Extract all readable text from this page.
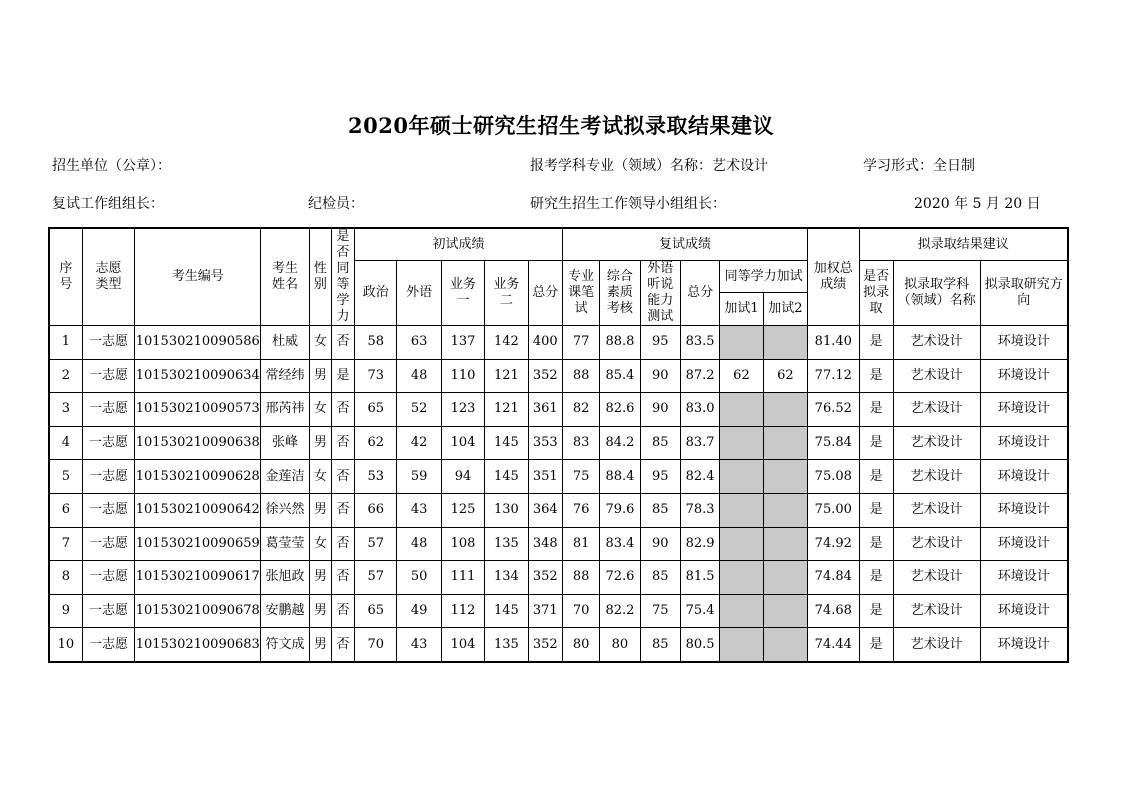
2020年硕士研究生招生考试拟录取结果建议
招生单位（公章）：	报考学科专业（领域）名称：艺术设计	学习形式：全日制
复试工作组组长：	纪检员：	研究生招生工作领导小组组长：	2020 年 5 月 20 日
序号	志愿类型	考生编号	考生姓名	性别	是否同等学力	初试成绩					复试成绩						加权总成绩	拟录取结果建议		
						政治	外语	业务一	业务二	总分	专业课笔试	综合素质考核	外语听说能力测试	总分	同等学力加试			是否拟录取	拟录取学科（领域）名称	拟录取研究方向
															加试1	加试2				
1	一志愿	101530210090586	杜威	女	否	58	63	137	142	400	77	88.8	95	83.5			81.40	是	艺术设计	环境设计
2	一志愿	101530210090634	常经纬	男	是	73	48	110	121	352	88	85.4	90	87.2	62	62	77.12	是	艺术设计	环境设计
3	一志愿	101530210090573	邢芮祎	女	否	65	52	123	121	361	82	82.6	90	83.0			76.52	是	艺术设计	环境设计
4	一志愿	101530210090638	张峰	男	否	62	42	104	145	353	83	84.2	85	83.7			75.84	是	艺术设计	环境设计
5	一志愿	101530210090628	金莲洁	女	否	53	59	94	145	351	75	88.4	95	82.4			75.08	是	艺术设计	环境设计
6	一志愿	101530210090642	徐兴然	男	否	66	43	125	130	364	76	79.6	85	78.3			75.00	是	艺术设计	环境设计
7	一志愿	101530210090659	葛莹莹	女	否	57	48	108	135	348	81	83.4	90	82.9			74.92	是	艺术设计	环境设计
8	一志愿	101530210090617	张旭政	男	否	57	50	111	134	352	88	72.6	85	81.5			74.84	是	艺术设计	环境设计
9	一志愿	101530210090678	安鹏越	男	否	65	49	112	145	371	70	82.2	75	75.4			74.68	是	艺术设计	环境设计
10	一志愿	101530210090683	符文成	男	否	70	43	104	135	352	80	80	85	80.5			74.44	是	艺术设计	环境设计
